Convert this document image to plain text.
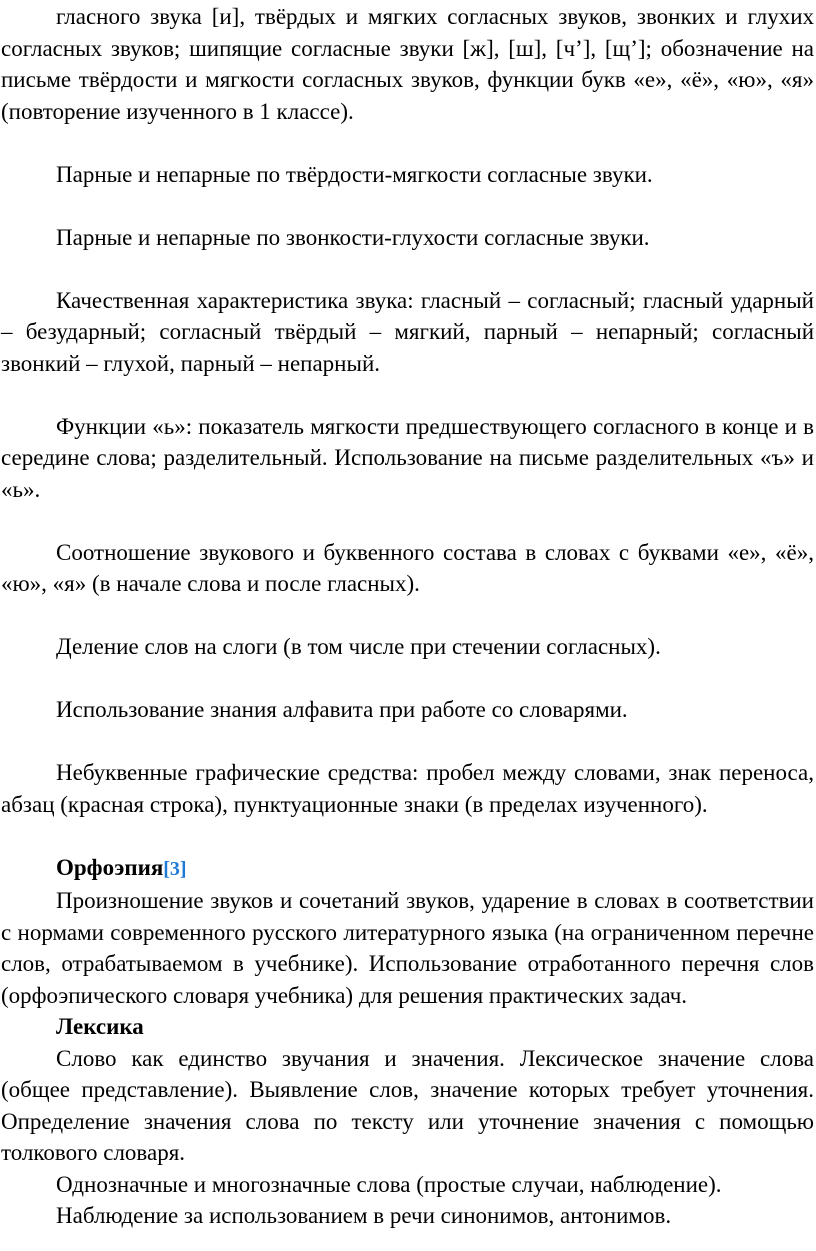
гласного звука [и], твёрдых и мягких согласных звуков, звонких и глухих согласных звуков; шипящие согласные звуки [ж], [ш], [ч’], [щ’]; обозначение на письме твёрдости и мягкости согласных звуков, функции букв «е», «ё», «ю», «я» (повторение изученного в 1 классе).

Парные и непарные по твёрдости-мягкости согласные звуки.

Парные и непарные по звонкости-глухости согласные звуки.

Качественная характеристика звука: гласный – согласный; гласный ударный – безударный; согласный твёрдый – мягкий, парный – непарный; согласный звонкий – глухой, парный – непарный.

Функции «ь»: показатель мягкости предшествующего согласного в конце и в середине слова; разделительный. Использование на письме разделительных «ъ» и «ь».

Соотношение звукового и буквенного состава в словах с буквами «е», «ё», «ю», «я» (в начале слова и после гласных).

Деление слов на слоги (в том числе при стечении согласных).

Использование знания алфавита при работе со словарями.

Небуквенные графические средства: пробел между словами, знак переноса, абзац (красная строка), пунктуационные знаки (в пределах изученного).

Орфоэпия[3]

Произношение звуков и сочетаний звуков, ударение в словах в соответствии с нормами современного русского литературного языка (на ограниченном перечне слов, отрабатываемом в учебнике). Использование отработанного перечня слов (орфоэпического словаря учебника) для решения практических задач.

Лексика

Слово как единство звучания и значения. Лексическое значение слова (общее представление). Выявление слов, значение которых требует уточнения. Определение значения слова по тексту или уточнение значения с помощью толкового словаря.

Однозначные и многозначные слова (простые случаи, наблюдение).

Наблюдение за использованием в речи синонимов, антонимов.
